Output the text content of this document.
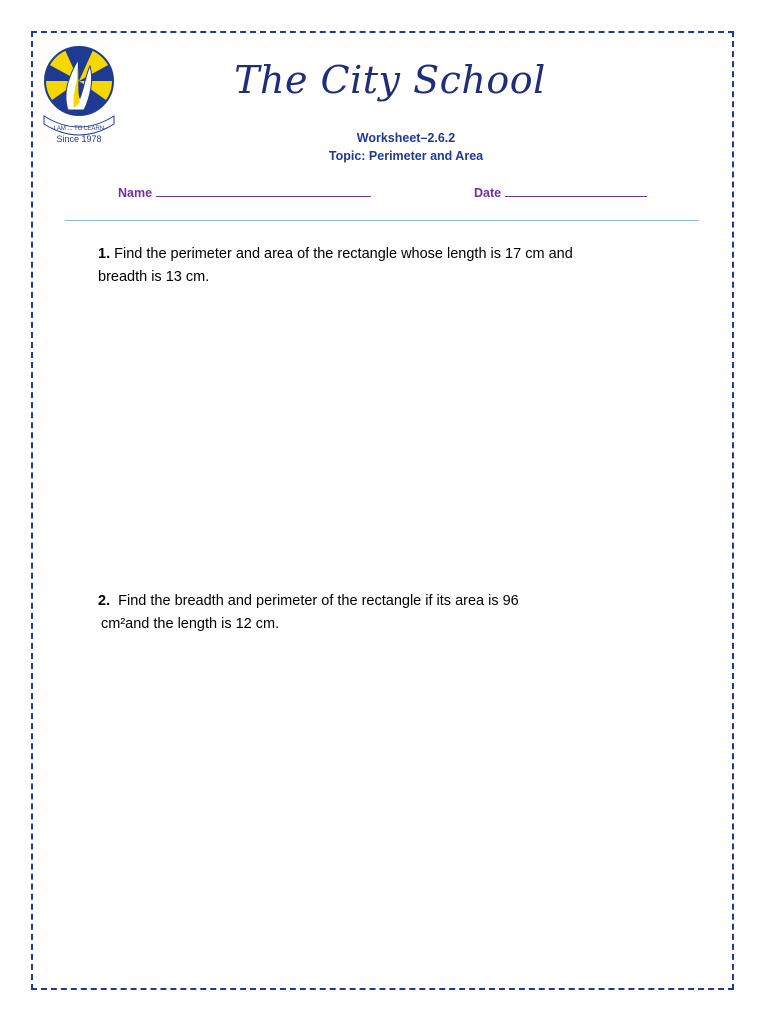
I AM ... TO LEARN
Since 1978
The City School
Worksheet–2.6.2
Topic: Perimeter and Area
Name	Date
1. Find the perimeter and area of the rectangle whose length is 17 cm and
breadth is 13 cm.
2. Find the breadth and perimeter of the rectangle if its area is 96
cm²and the length is 12 cm.
